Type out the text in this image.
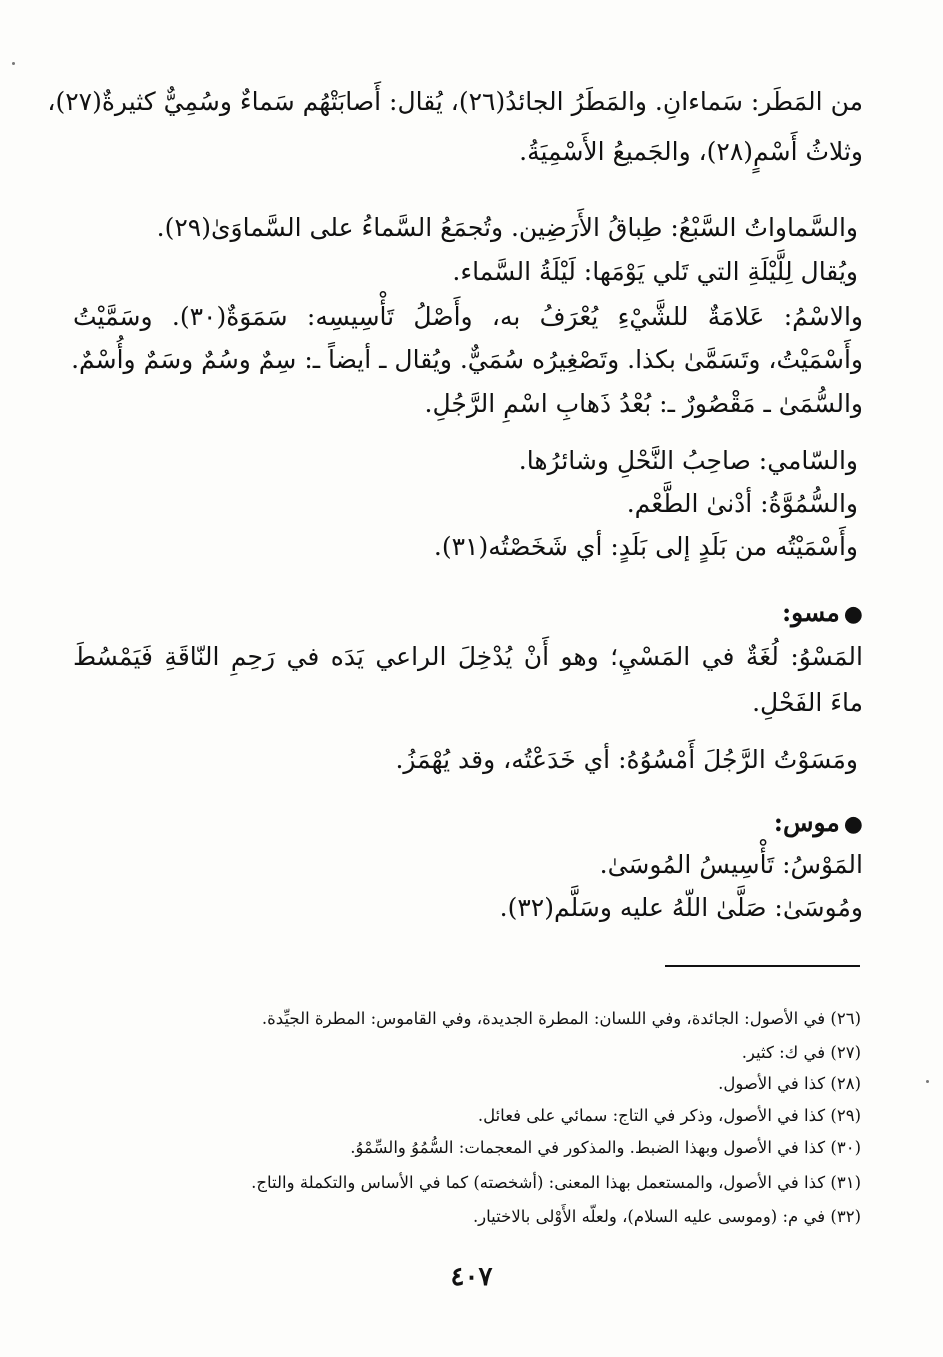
من المَطَر: سَماءانِ. والمَطَرُ الجائدُ(٢٦)، يُقال: أَصابَتْهُم سَماءٌ وسُمِيٌّ كثيرةٌ(٢٧)،
وثلاثُ أَسْمٍ(٢٨)، والجَميعُ الأَسْمِيَةُ.
والسَّماواتُ السَّبْعُ: طِباقُ الأَرَضِين. وتُجمَعُ السَّماءُ على السَّماوَىٰ(٢٩).
ويُقال لِلَّيْلَةِ التي تَلي يَوْمَها: لَيْلَةُ السَّماء.
والاسْمُ: عَلامَةٌ للشَّيْءِ يُعْرَفُ به، وأَصْلُ تَأْسِيسِه: سَمَوَةٌ(٣٠). وسَمَّيْتُ
وأَسْمَيْتُ، وتَسَمَّىٰ بكذا. وتَصْغِيرُه سُمَيٌّ. ويُقال ـ أيضاً ـ: سِمٌ وسُمٌ وسَمٌ وأُسْمٌ.
والسُّمَىٰ ـ مَقْصُورٌ ـ: بُعْدُ ذَهابِ اسْمِ الرَّجُلِ.
والسّامي: صاحِبُ النَّحْلِ وشائرُها.
والسُّمُوَّةُ: أدْنىٰ الطَّعْم.
وأَسْمَيْتُه من بَلَدٍ إلى بَلَدٍ: أي شَخَصْتُه(٣١).
●مسو:
المَسْوُ: لُغَةٌ في المَسْيِ؛ وهو أَنْ يُدْخِلَ الراعي يَدَه في رَحِمِ النّاقَةِ فَيَمْسُطَ
ماءَ الفَحْلِ.
ومَسَوْتُ الرَّجُلَ أَمْسُوُهُ: أي خَدَعْتُه، وقد يُهْمَزُ.
●موس:
المَوْسُ: تَأْسِيسُ المُوسَىٰ.
ومُوسَىٰ: صَلَّىٰ اللّهُ عليه وسَلَّم(٣٢).
(٢٦) في الأصول: الجائدة، وفي اللسان: المطرة الجديدة، وفي القاموس: المطرة الجيِّدة.
(٢٧) في ك: كثير.
(٢٨) كذا في الأصول.
(٢٩) كذا في الأصول، وذكر في التاج: سمائي على فعائل.
(٣٠) كذا في الأصول وبهذا الضبط. والمذكور في المعجمات: السُّمُوُ والسِّمْوُ.
(٣١) كذا في الأصول، والمستعمل بهذا المعنى: (أشخصته) كما في الأساس والتكملة والتاج.
(٣٢) في م: (وموسى عليه السلام)، ولعلّه الأَوْلى بالاختيار.
٤٠٧
